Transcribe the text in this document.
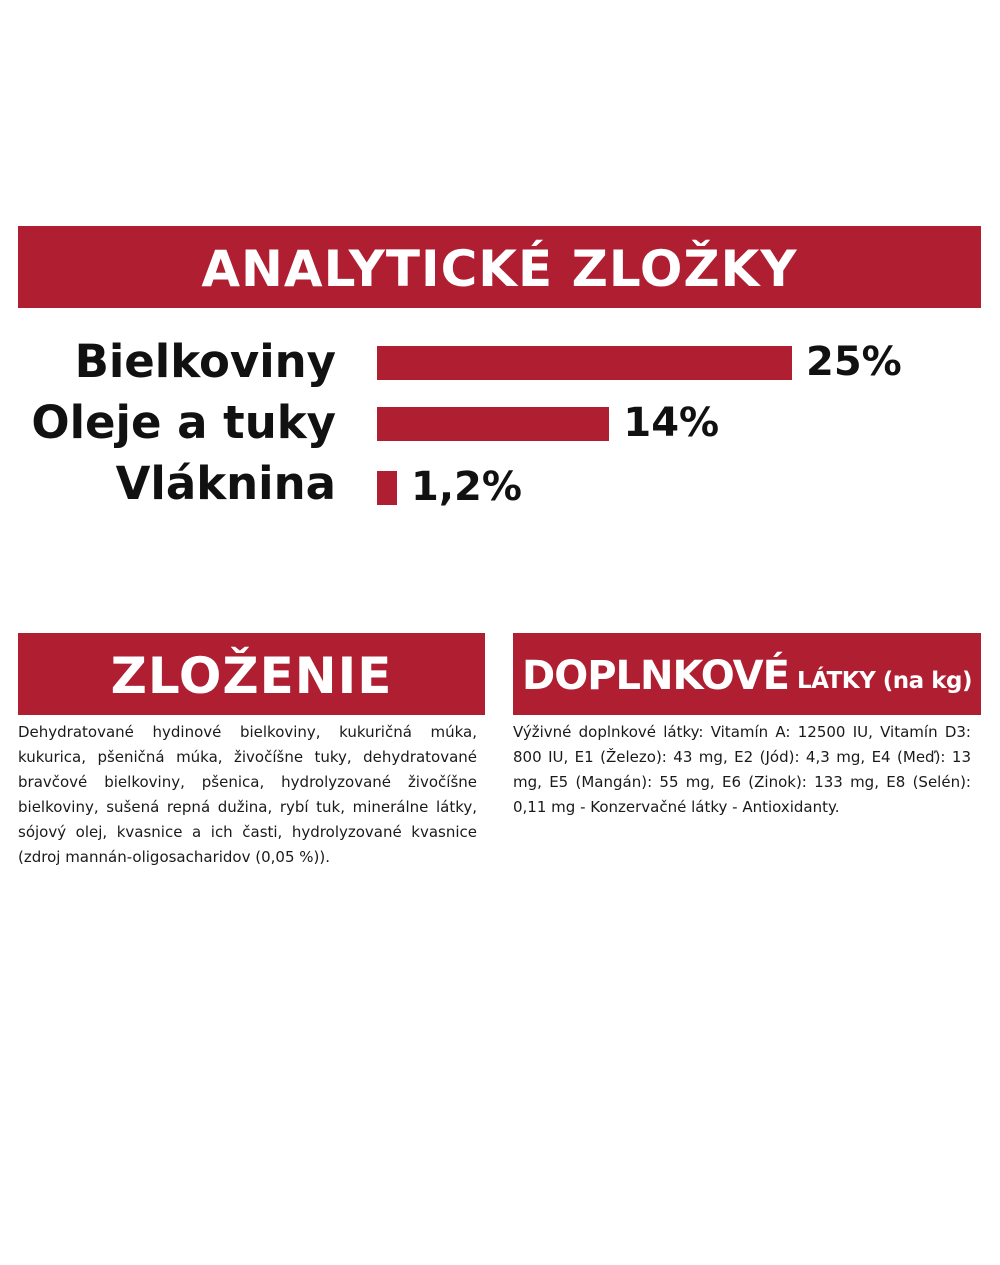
ANALYTICKÉ ZLOŽKY
Bielkoviny	25%
Oleje a tuky	14%
Vláknina 1,2%
ZLOŽENIE

Dehydratované hydinové bielkoviny, kukuričná múka, kukurica, pšeničná múka, živočíšne tuky, dehydratované bravčové bielkoviny, pšenica, hydrolyzované živočíšne bielkoviny, sušená repná dužina, rybí tuk, minerálne látky, sójový olej, kvasnice a ich časti, hydrolyzované kvasnice (zdroj mannán-oligosacharidov (0,05 %)).

DOPLNKOVÉ LÁTKY (na kg)

Výživné doplnkové látky: Vitamín A: 12500 IU, Vitamín D3: 800 IU, E1 (Železo): 43 mg, E2 (Jód): 4,3 mg, E4 (Meď): 13 mg, E5 (Mangán): 55 mg, E6 (Zinok): 133 mg, E8 (Selén): 0,11 mg - Konzervačné látky - Antioxidanty.
